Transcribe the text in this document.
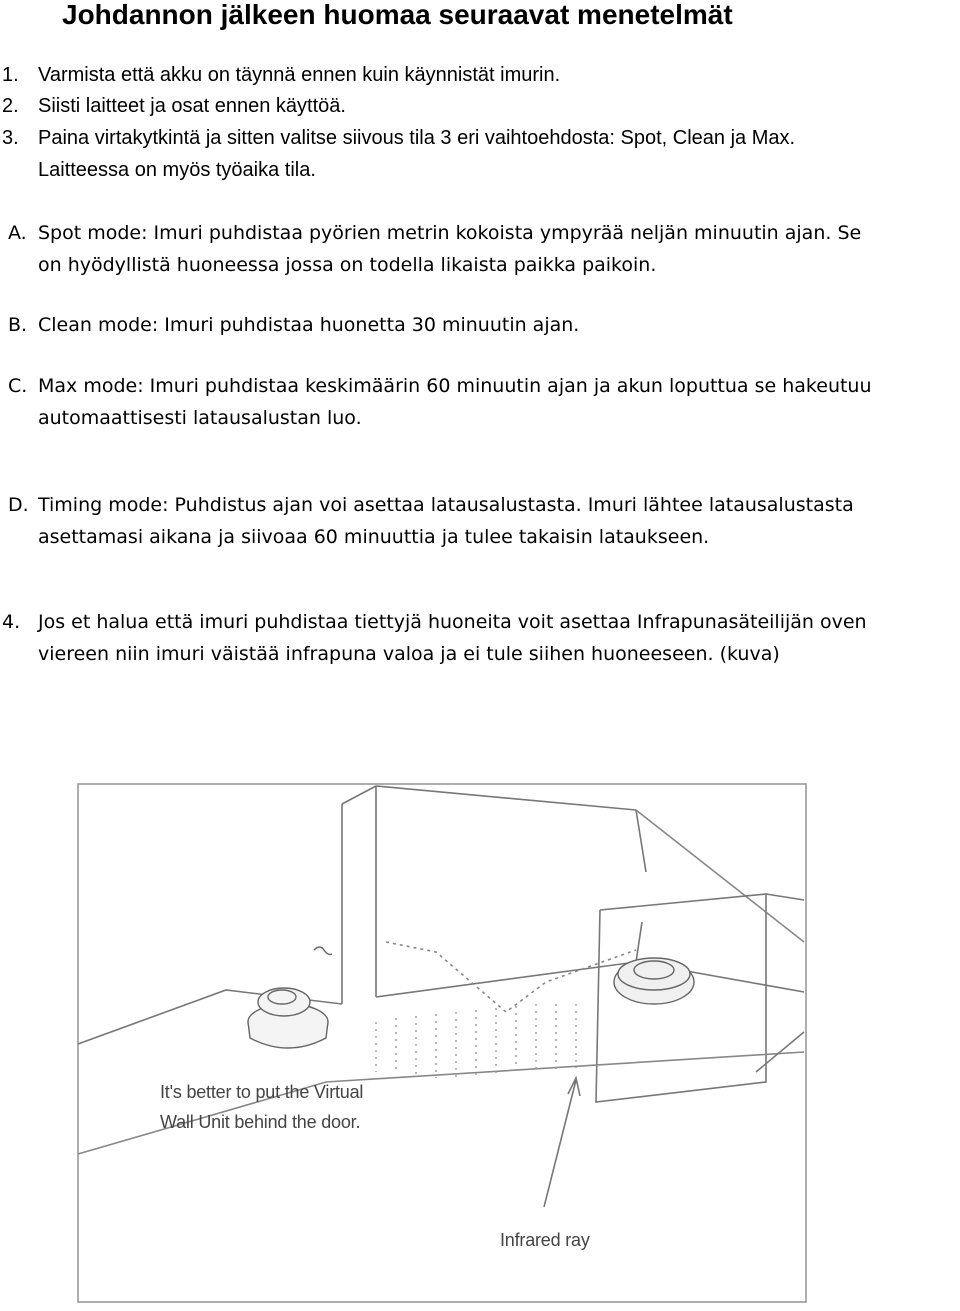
Johdannon jälkeen huomaa seuraavat menetelmät
1. Varmista että akku on täynnä ennen kuin käynnistät imurin.
2. Siisti laitteet ja osat ennen käyttöä.
3. Paina virtakytkintä ja sitten valitse siivous tila 3 eri vaihtoehdosta: Spot, Clean ja Max.
Laitteessa on myös työaika tila.
A. Spot mode: Imuri puhdistaa pyörien metrin kokoista ympyrää neljän minuutin ajan. Se
on hyödyllistä huoneessa jossa on todella likaista paikka paikoin.
B. Clean mode: Imuri puhdistaa huonetta 30 minuutin ajan.
C. Max mode: Imuri puhdistaa keskimäärin 60 minuutin ajan ja akun loputtua se hakeutuu
automaattisesti latausalustan luo.
D. Timing mode: Puhdistus ajan voi asettaa latausalustasta. Imuri lähtee latausalustasta
asettamasi aikana ja siivoaa 60 minuuttia ja tulee takaisin lataukseen.
4. Jos et halua että imuri puhdistaa tiettyjä huoneita voit asettaa Infrapunasäteilijän oven
viereen niin imuri väistää infrapuna valoa ja ei tule siihen huoneeseen. (kuva)
It's better to put the Virtual
Wall Unit behind the door.
Infrared ray
